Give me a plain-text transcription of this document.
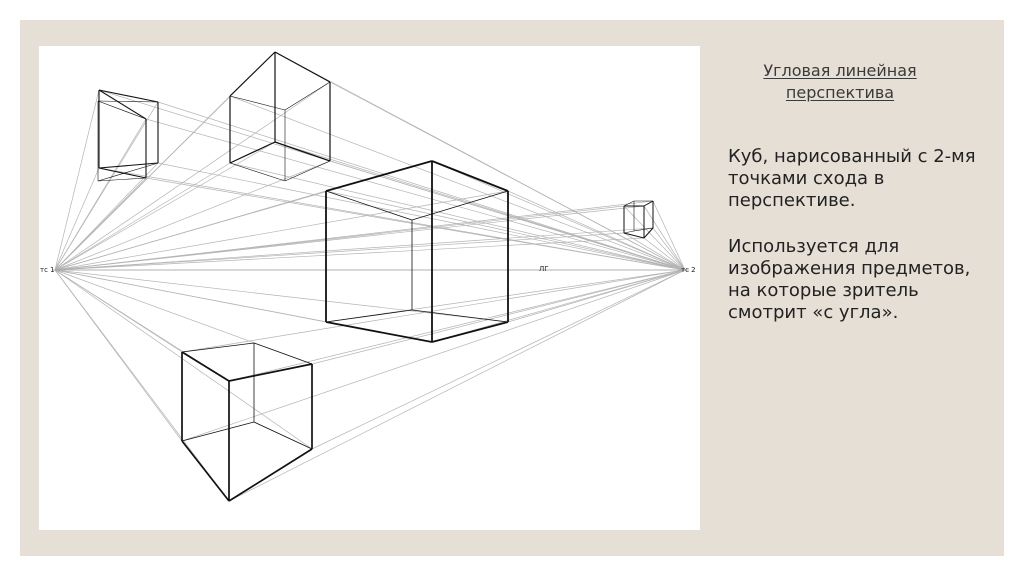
тс 1	тс 2
ЛГ
Угловая линейная перспектива

Куб, нарисованный с 2-мя точками схода в перспективе.

Используется для изображения предметов, на которые зритель смотрит «с угла».
